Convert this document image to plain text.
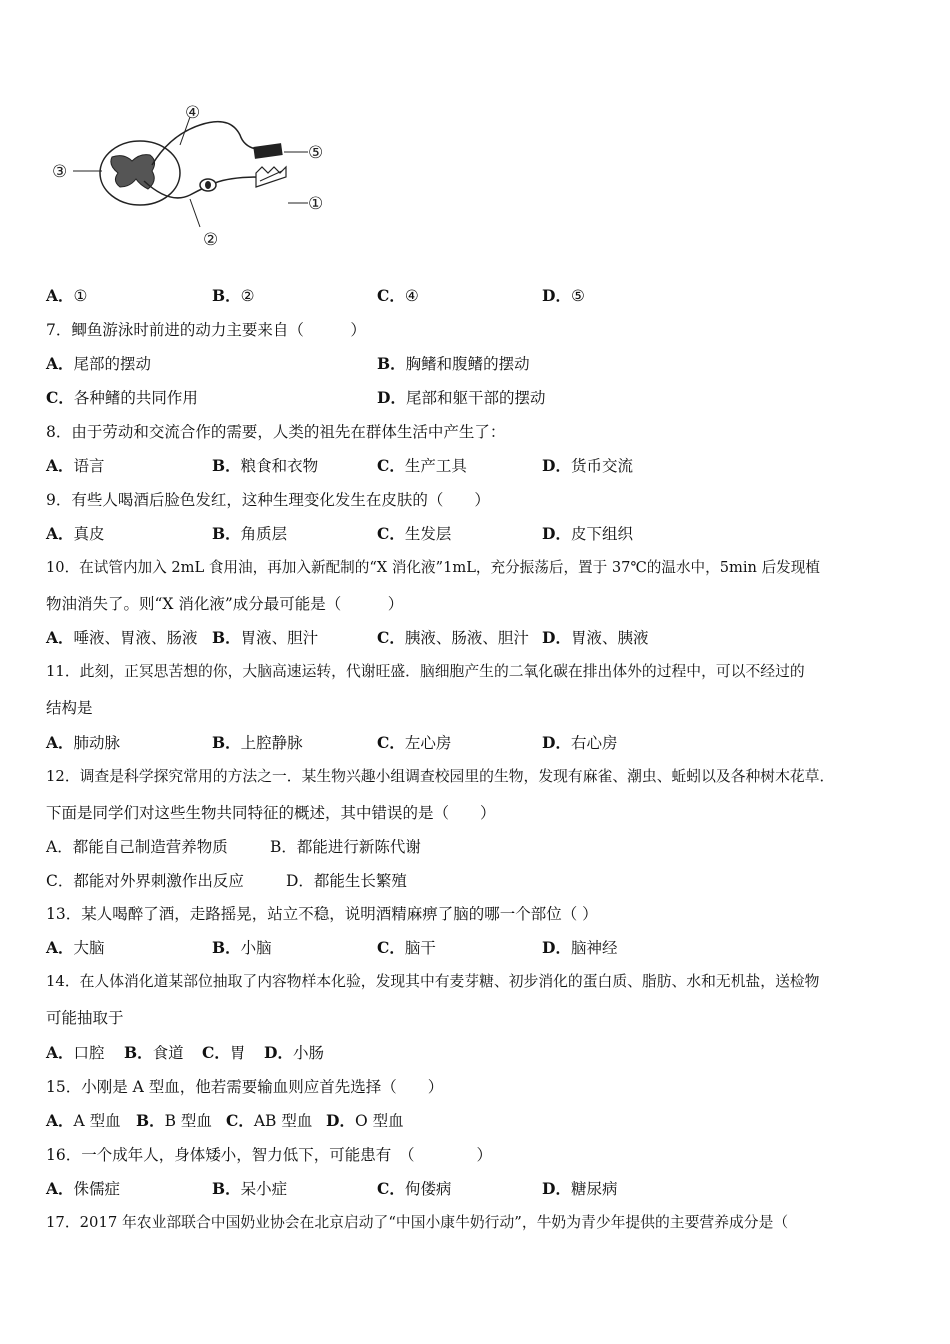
③
④
⑤
①
②
A．①	B．②	C．④	D．⑤
7．鲫鱼游泳时前进的动力主要来自（　　　）
A．尾部的摆动	B．胸鳍和腹鳍的摆动
C．各种鳍的共同作用	D．尾部和躯干部的摆动
8．由于劳动和交流合作的需要，人类的祖先在群体生活中产生了：
A．语言	B．粮食和衣物	C．生产工具	D．货币交流
9．有些人喝酒后脸色发红，这种生理变化发生在皮肤的（　　）
A．真皮	B．角质层	C．生发层	D．皮下组织
10．在试管内加入 2mL 食用油，再加入新配制的“X 消化液”1mL，充分振荡后，置于 37℃的温水中，5min 后发现植
物油消失了。则“X 消化液”成分最可能是（　　　）
A．唾液、胃液、肠液 B．胃液、胆汁	C．胰液、肠液、胆汁 D．胃液、胰液
11．此刻，正冥思苦想的你，大脑高速运转，代谢旺盛．脑细胞产生的二氧化碳在排出体外的过程中，可以不经过的
结构是
A．肺动脉	B．上腔静脉	C．左心房	D．右心房
12．调查是科学探究常用的方法之一．某生物兴趣小组调查校园里的生物，发现有麻雀、潮虫、蚯蚓以及各种树木花草．
下面是同学们对这些生物共同特征的概述，其中错误的是（　　）
A．都能自己制造营养物质	B．都能进行新陈代谢
C．都能对外界刺激作出反应	D．都能生长繁殖
13．某人喝醉了酒，走路摇晃，站立不稳，说明酒精麻痹了脑的哪一个部位（ ）
A．大脑	B．小脑	C．脑干	D．脑神经
14．在人体消化道某部位抽取了内容物样本化验，发现其中有麦芽糖、初步消化的蛋白质、脂肪、水和无机盐，送检物
可能抽取于
A．口腔 B．食道 C．胃 D．小肠
15．小刚是 A 型血，他若需要输血则应首先选择（　　）
A．A 型血 B．B 型血 C．AB 型血 D．O 型血
16．一个成年人，身体矮小，智力低下，可能患有　（　　　　）
A．侏儒症	B．呆小症	C．佝偻病	D．糖尿病
17．2017 年农业部联合中国奶业协会在北京启动了“中国小康牛奶行动”，牛奶为青少年提供的主要营养成分是（
